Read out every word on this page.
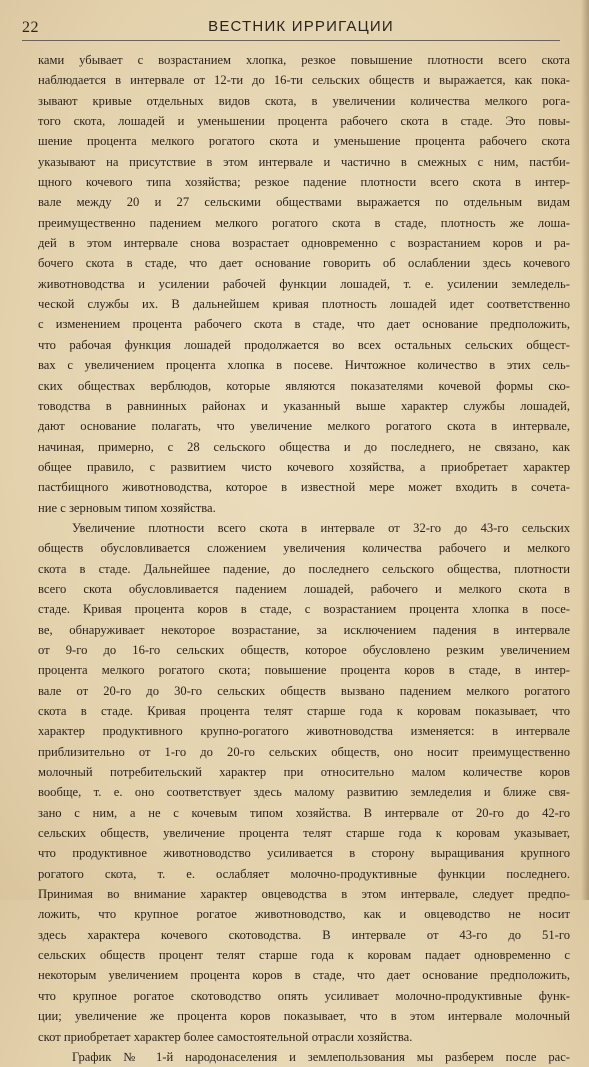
22	ВЕСТНИК ИРРИГАЦИИ
ками убывает с возрастанием хлопка, резкое повышение плотности всего скота
наблюдается в интервале от 12-ти до 16-ти сельских обществ и выражается, как пока-
зывают кривые отдельных видов скота, в увеличении количества мелкого рога-
того скота, лошадей и уменьшении процента рабочего скота в стаде. Это повы-
шение процента мелкого рогатого скота и уменьшение процента рабочего скота
указывают на присутствие в этом интервале и частично в смежных с ним, пастби-
щного кочевого типа хозяйства; резкое падение плотности всего скота в интер-
вале между 20 и 27 сельскими обществами выражается по отдельным видам
преимущественно падением мелкого рогатого скота в стаде, плотность же лоша-
дей в этом интервале снова возрастает одновременно с возрастанием коров и ра-
бочего скота в стаде, что дает основание говорить об ослаблении здесь кочевого
животноводства и усилении рабочей функции лошадей, т. е. усилении земледель-
ческой службы их. В дальнейшем кривая плотность лошадей идет соответственно
с изменением процента рабочего скота в стаде, что дает основание предположить,
что рабочая функция лошадей продолжается во всех остальных сельских общест-
вах с увеличением процента хлопка в посеве. Ничтожное количество в этих сель-
ских обществах верблюдов, которые являются показателями кочевой формы ско-
товодства в равнинных районах и указанный выше характер службы лошадей,
дают основание полагать, что увеличение мелкого рогатого скота в интервале,
начиная, примерно, с 28 сельского общества и до последнего, не связано, как
общее правило, с развитием чисто кочевого хозяйства, а приобретает характер
пастбищного животноводства, которое в известной мере может входить в сочета-
ние с зерновым типом хозяйства.
Увеличение плотности всего скота в интервале от 32-го до 43-го сельских
обществ обусловливается сложением увеличения количества рабочего и мелкого
скота в стаде. Дальнейшее падение, до последнего сельского общества, плотности
всего скота обусловливается падением лошадей, рабочего и мелкого скота в
стаде. Кривая процента коров в стаде, с возрастанием процента хлопка в посе-
ве, обнаруживает некоторое возрастание, за исключением падения в интервале
от 9-го до 16-го сельских обществ, которое обусловлено резким увеличением
процента мелкого рогатого скота; повышение процента коров в стаде, в интер-
вале от 20-го до 30-го сельских обществ вызвано падением мелкого рогатого
скота в стаде. Кривая процента телят старше года к коровам показывает, что
характер продуктивного крупно-рогатого животноводства изменяется: в интервале
приблизительно от 1-го до 20-го сельских обществ, оно носит преимущественно
молочный потребительский характер при относительно малом количестве коров
вообще, т. е. оно соответствует здесь малому развитию земледелия и ближе свя-
зано с ним, а не с кочевым типом хозяйства. В интервале от 20-го до 42-го
сельских обществ, увеличение процента телят старше года к коровам указывает,
что продуктивное животноводство усиливается в сторону выращивания крупного
рогатого скота, т. е. ослабляет молочно-продуктивные функции последнего.
Принимая во внимание характер овцеводства в этом интервале, следует предпо-
ложить, что крупное рогатое животноводство, как и овцеводство не носит
здесь характера кочевого скотоводства. В интервале от 43-го до 51-го
сельских обществ процент телят старше года к коровам падает одновременно с
некоторым увеличением процента коров в стаде, что дает основание предположить,
что крупное рогатое скотоводство опять усиливает молочно-продуктивные функ-
ции; увеличение же процента коров показывает, что в этом интервале молочный
скот приобретает характер более самостоятельной отрасли хозяйства.
График № 1-й народонаселения и землепользования мы разберем после рас-
